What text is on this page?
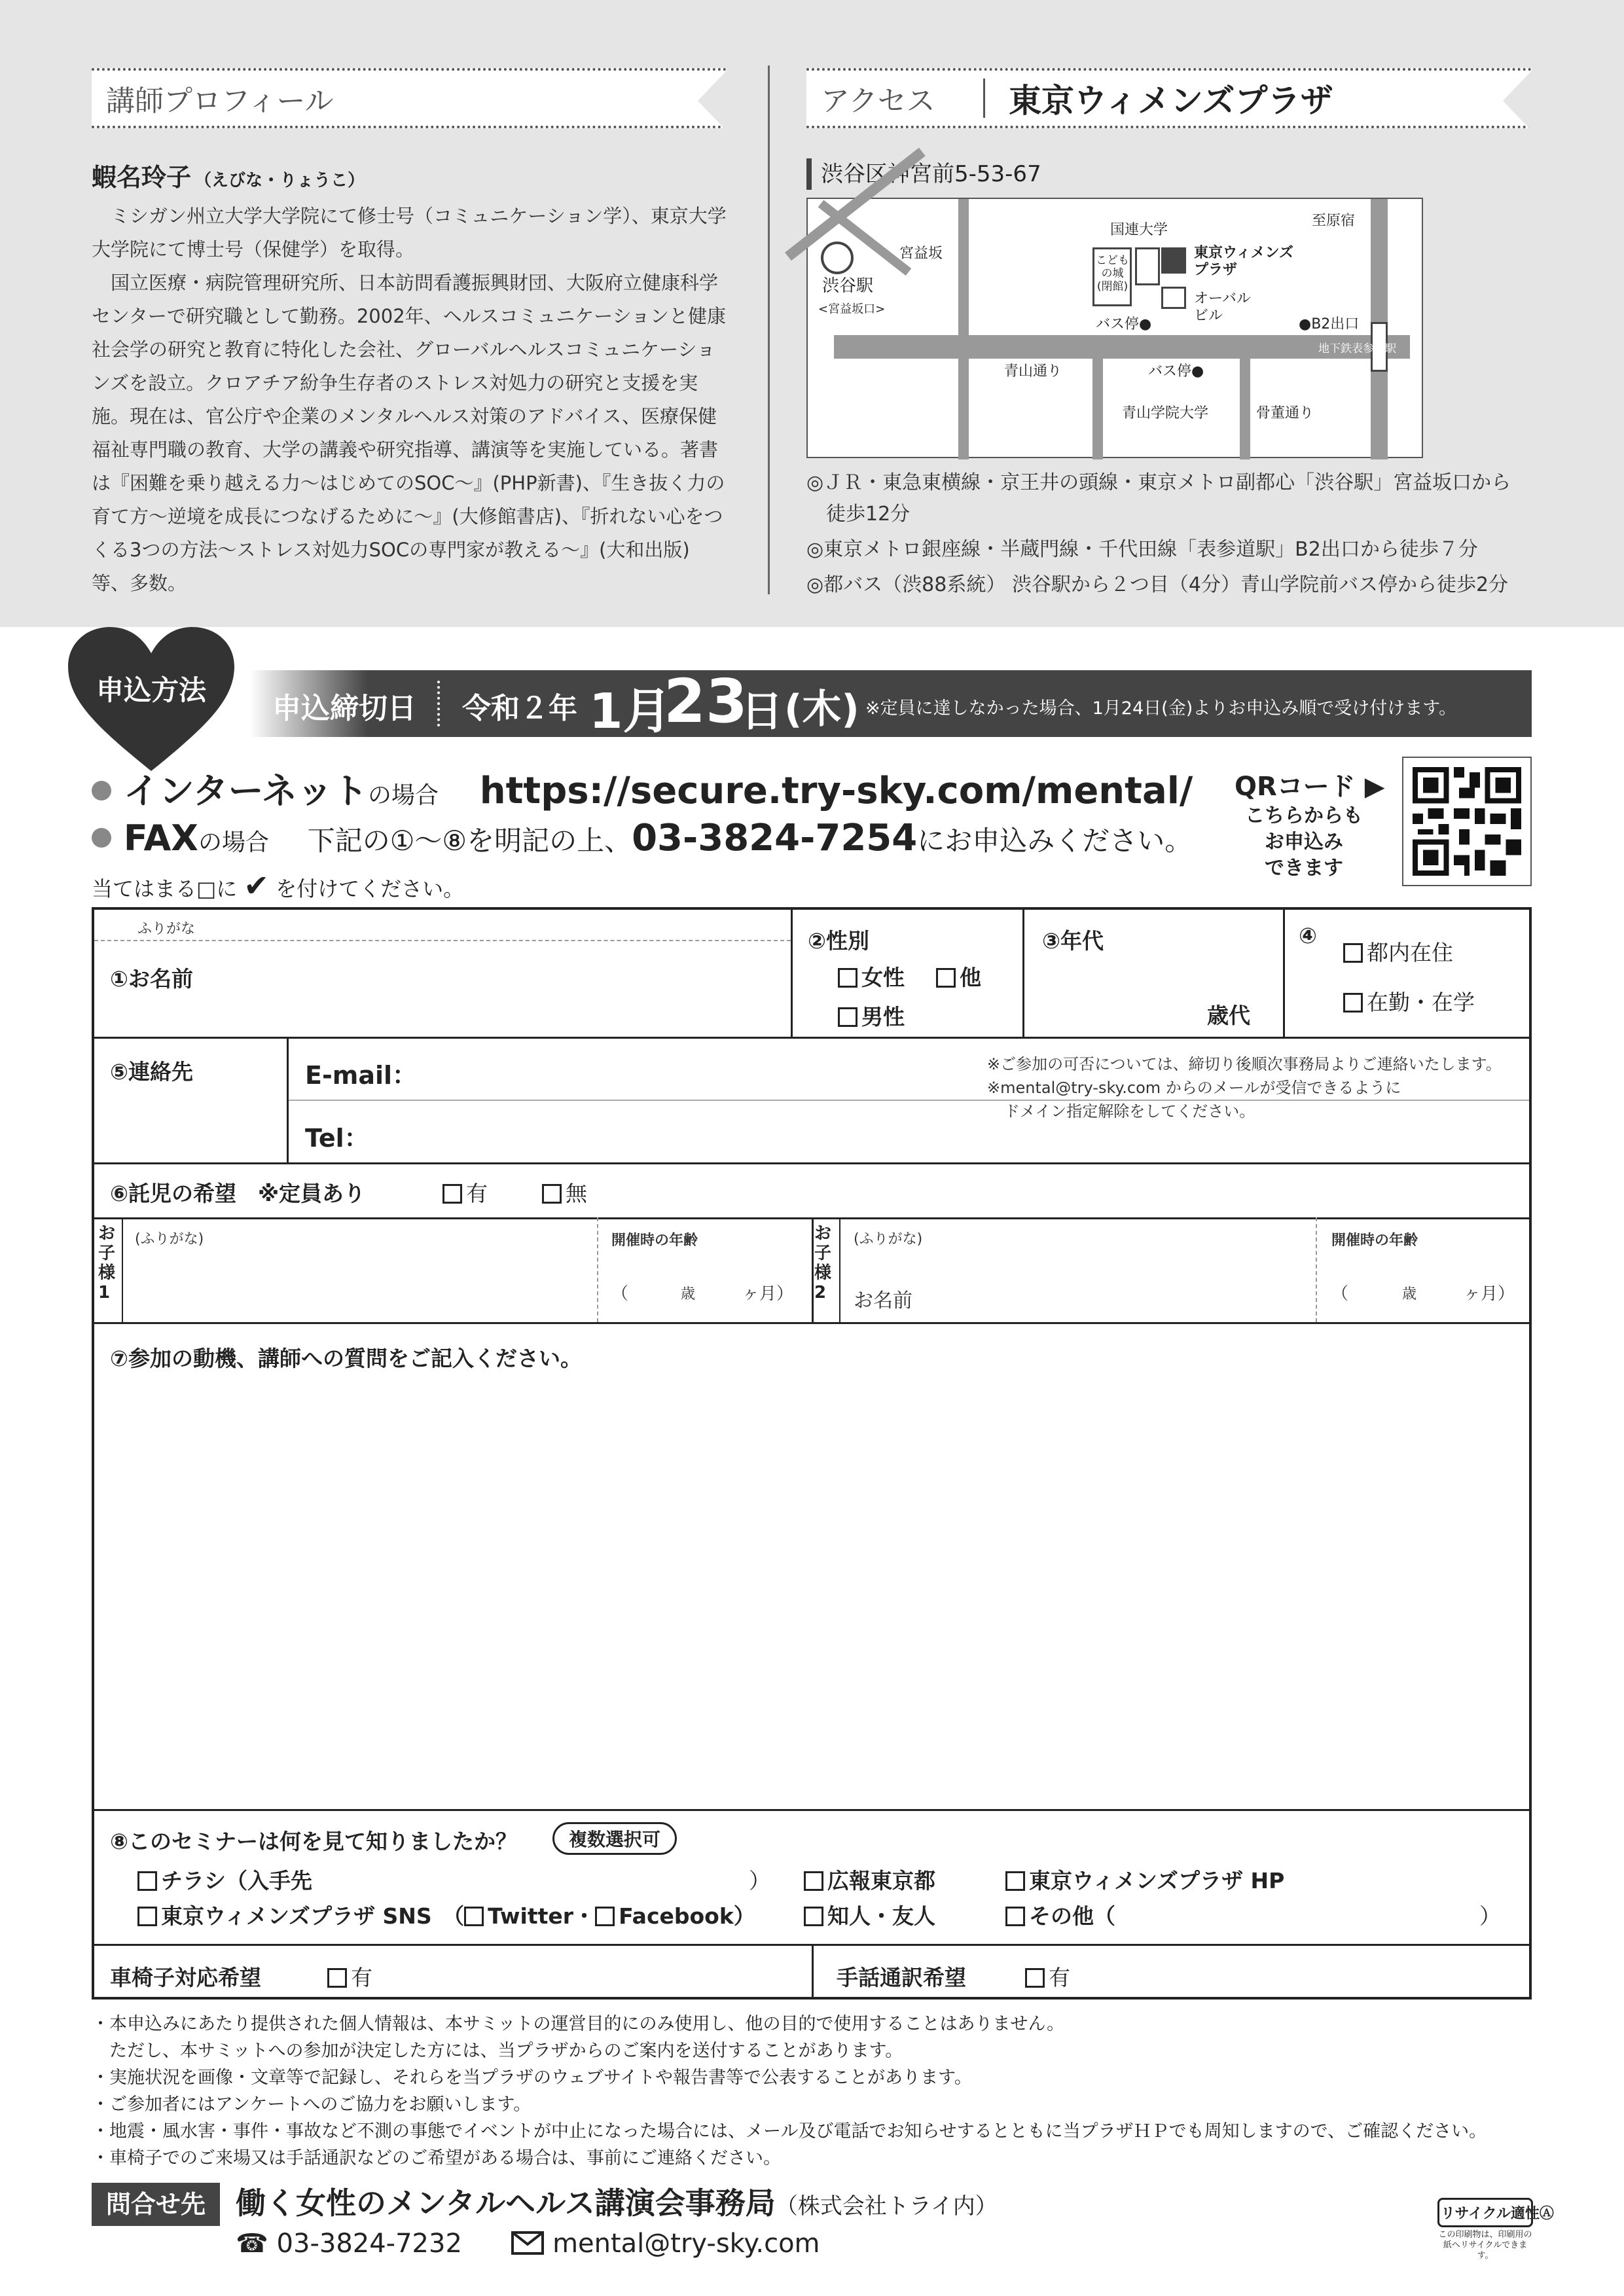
講師プロフィール
蝦名玲子 （えびな・りょうこ）

ミシガン州立大学大学院にて修士号（コミュニケーション学）、東京大学大学院にて博士号（保健学）を取得。

国立医療・病院管理研究所、日本訪問看護振興財団、大阪府立健康科学センターで研究職として勤務。2002年、ヘルスコミュニケーションと健康社会学の研究と教育に特化した会社、グローバルヘルスコミュニケーションズを設立。クロアチア紛争生存者のストレス対処力の研究と支援を実施。現在は、官公庁や企業のメンタルヘルス対策のアドバイス、医療保健福祉専門職の教育、大学の講義や研究指導、講演等を実施している。著書は『困難を乗り越える力～はじめてのSOC～』(PHP新書)、『生き抜く力の育て方～逆境を成長につなげるために～』(大修館書店)、『折れない心をつくる3つの方法～ストレス対処力SOCの専門家が教える～』(大和出版)等、多数。

アクセス	東京ウィメンズプラザ
渋谷区神宮前5-53-67
渋谷駅
<宮益坂口>
宮益坂
国連大学
こども
の城
(閉館)
東京ウィメンズ
プラザ
オーバル
ビル
バス停●
バス停●
●B2出口
至原宿
地下鉄表参道駅
青山通り
青山学院大学	骨董通り
◎ＪＲ・東急東横線・京王井の頭線・東京メトロ副都心「渋谷駅」宮益坂口から
徒歩12分
◎東京メトロ銀座線・半蔵門線・千代田線「表参道駅」B2出口から徒歩７分
◎都バス（渋88系統） 渋谷駅から２つ目（4分）青山学院前バス停から徒歩2分
申込締切日 令和２年 1月
23
日 (木) ※定員に達しなかった場合、1月24日(金)よりお申込み順で受け付けます。
申込方法
インターネットの場合 https://secure.try-sky.com/mental/
FAXの場合 下記の①～⑧を明記の上、03-3824-7254にお申込みください。
当てはまる□に ✔ を付けてください。
QRコード ▶
こちらからも
お申込み
できます
ふりがな
①お名前
②性別
女性	他
男性
③年代
歳代
④
都内在住
在勤・在学
⑤連絡先	E-mail：
Tel：
※ご参加の可否については、締切り後順次事務局よりご連絡いたします。
※mental@try-sky.com からのメールが受信できるように
ドメイン指定解除をしてください。
⑥託児の希望　※定員あり	有	無
お子様1
(ふりがな)	開催時の年齢
（	歳	ヶ月）
お子様2
(ふりがな)
お名前
開催時の年齢
（	歳	ヶ月）
⑦参加の動機、講師への質問をご記入ください。
⑧このセミナーは何を見て知りましたか？	複数選択可
チラシ（入手先	）	広報東京都	東京ウィメンズプラザ HP
東京ウィメンズプラザ SNS　（ Twitter・ Facebook）	知人・友人	その他（	）
車椅子対応希望	有	手話通訳希望	有
・本申込みにあたり提供された個人情報は、本サミットの運営目的にのみ使用し、他の目的で使用することはありません。
　ただし、本サミットへの参加が決定した方には、当プラザからのご案内を送付することがあります。
・実施状況を画像・文章等で記録し、それらを当プラザのウェブサイトや報告書等で公表することがあります。
・ご参加者にはアンケートへのご協力をお願いします。
・地震・風水害・事件・事故など不測の事態でイベントが中止になった場合には、メール及び電話でお知らせするとともに当プラザＨＰでも周知しますので、ご確認ください。
・車椅子でのご来場又は手話通訳などのご希望がある場合は、事前にご連絡ください。
問合せ先	働く女性のメンタルヘルス講演会事務局（株式会社トライ内）
☎ 03-3824-7232	mental@try-sky.com
リサイクル適性Ⓐ
この印刷物は、印刷用の紙へリサイクルできます。
